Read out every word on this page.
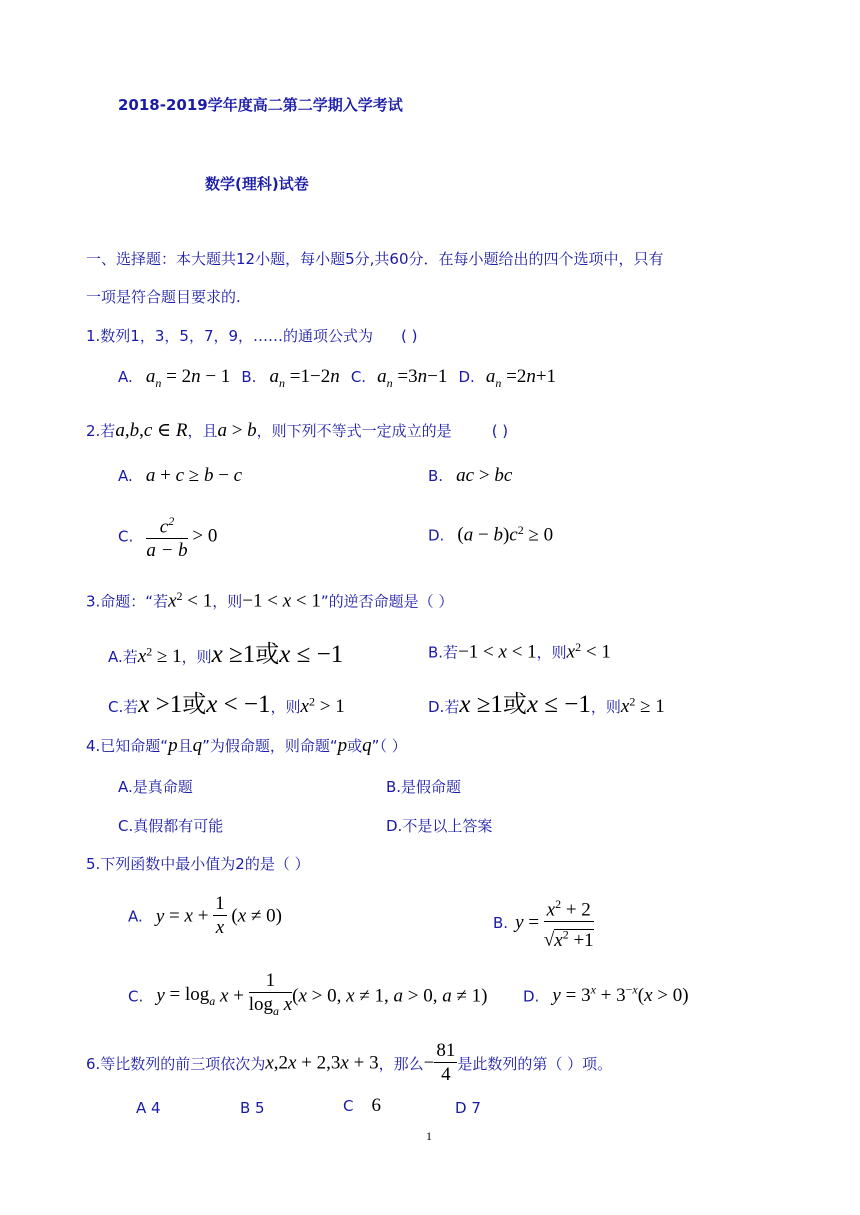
2018-2019学年度高二第二学期入学考试
数学(理科)试卷
一、选择题：本大题共12小题，每小题5分,共60分．在每小题给出的四个选项中，只有
一项是符合题目要求的.
1.数列1，3，5，7，9，……的通项公式为 ( )
A. $a_n = 2n - 1$ B. $a_n =1-2n$ C. $a_n =3n-1$ D. $a_n =2n+1$
2.若a,b,c ∈ R，且a > b，则下列不等式一定成立的是	( )
A. a + c ≥ b − c	B. ac > bc
C. $\frac{c^2}{a - b} > 0$	D. $(a - b)c^2 \ge 0$
3.命题：“若$x^2 < 1$，则−1 < x < 1”的逆否命题是（ ）
A.若$x^2 \ge 1$，则x ≥1或x ≤ −1	B.若−1 < x < 1，则$x^2 < 1$
C.若x >1或x < −1，则$x^2 > 1$	D.若x ≥1或x ≤ −1，则$x^2 \ge 1$
4.已知命题“p且q”为假命题，则命题“p或q”（ ）
A.是真命题	B.是假命题
C.真假都有可能	D.不是以上答案
5.下列函数中最小值为2的是（ ）
A. $y = x + \frac{1}{x} (x \ne 0)$	B. $y = \frac{x^2 + 2}{√x^2 +1}$
C. $y = \log_a x + \frac{1}{\log_a x} (x > 0$, x ≠ 1, a > 0, a ≠ 1) D. $y = 3^x + 3^{-x}(x > 0)$
6.等比数列的前三项依次为x,2x + 2,3x + 3，那么− $\frac{81}{4}$ 是此数列的第（ ）项。
A 4	B 5	C 6	D 7
1
